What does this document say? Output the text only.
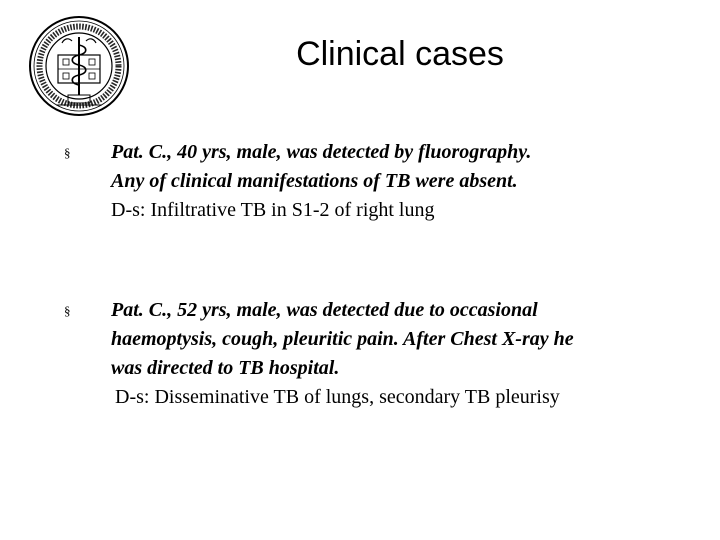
Clinical cases
§ Pat. C., 40 yrs, male, was detected by fluorography.
Any of clinical manifestations of TB were absent.
D-s: Infiltrative TB in S1-2 of right lung
§ Pat. C., 52 yrs, male, was detected due to occasional
haemoptysis, cough, pleuritic pain. After Chest X-ray he
was directed to TB hospital.
D-s: Disseminative TB of lungs, secondary TB pleurisy
